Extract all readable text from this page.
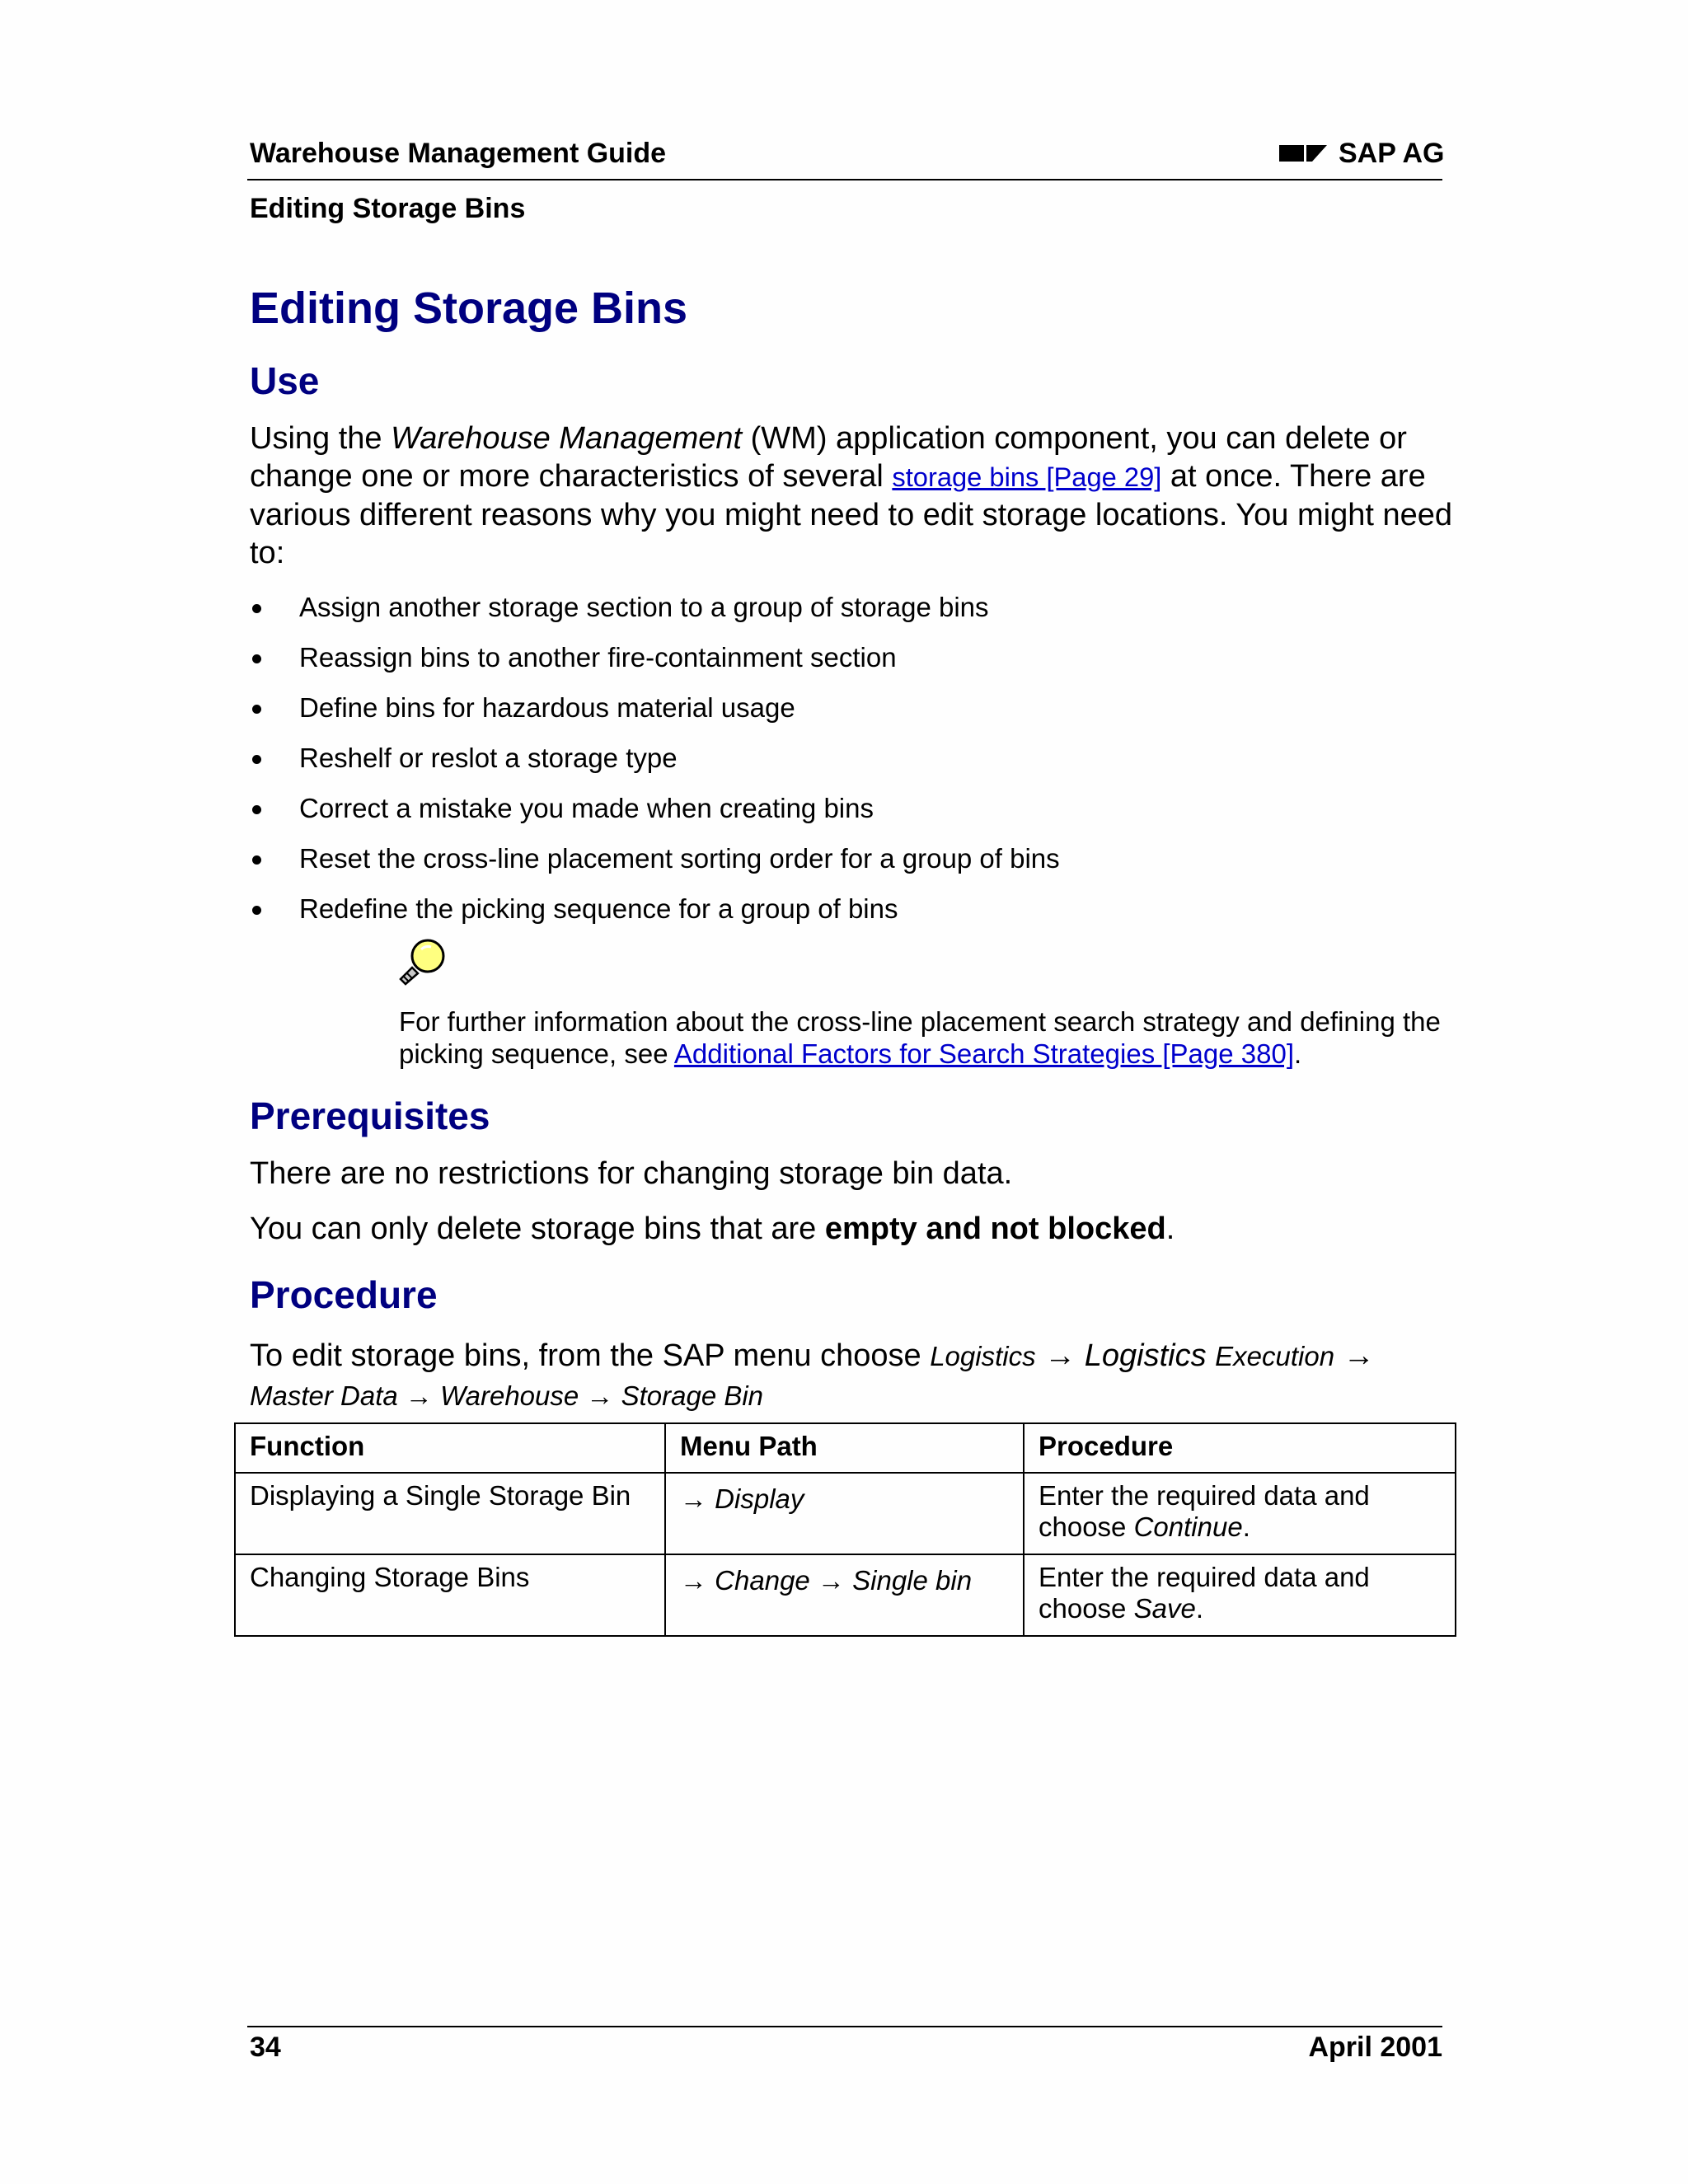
Warehouse Management Guide	SAP AG
Editing Storage Bins
Editing Storage Bins
Use
Using the Warehouse Management (WM) application component, you can delete or change one or more characteristics of several storage bins [Page 29] at once. There are various different reasons why you might need to edit storage locations. You might need to:
Assign another storage section to a group of storage bins
Reassign bins to another fire-containment section
Define bins for hazardous material usage
Reshelf or reslot a storage type
Correct a mistake you made when creating bins
Reset the cross-line placement sorting order for a group of bins
Redefine the picking sequence for a group of bins
For further information about the cross-line placement search strategy and defining the picking sequence, see Additional Factors for Search Strategies [Page 380].
Prerequisites
There are no restrictions for changing storage bin data.
You can only delete storage bins that are empty and not blocked.
Procedure
To edit storage bins, from the SAP menu choose Logistics → Logistics Execution →
Master Data → Warehouse → Storage Bin
Function	Menu Path	Procedure
Displaying a Single Storage Bin	→ Display	Enter the required data and choose Continue.
Changing Storage Bins	→ Change → Single bin	Enter the required data and choose Save.
34	April 2001
